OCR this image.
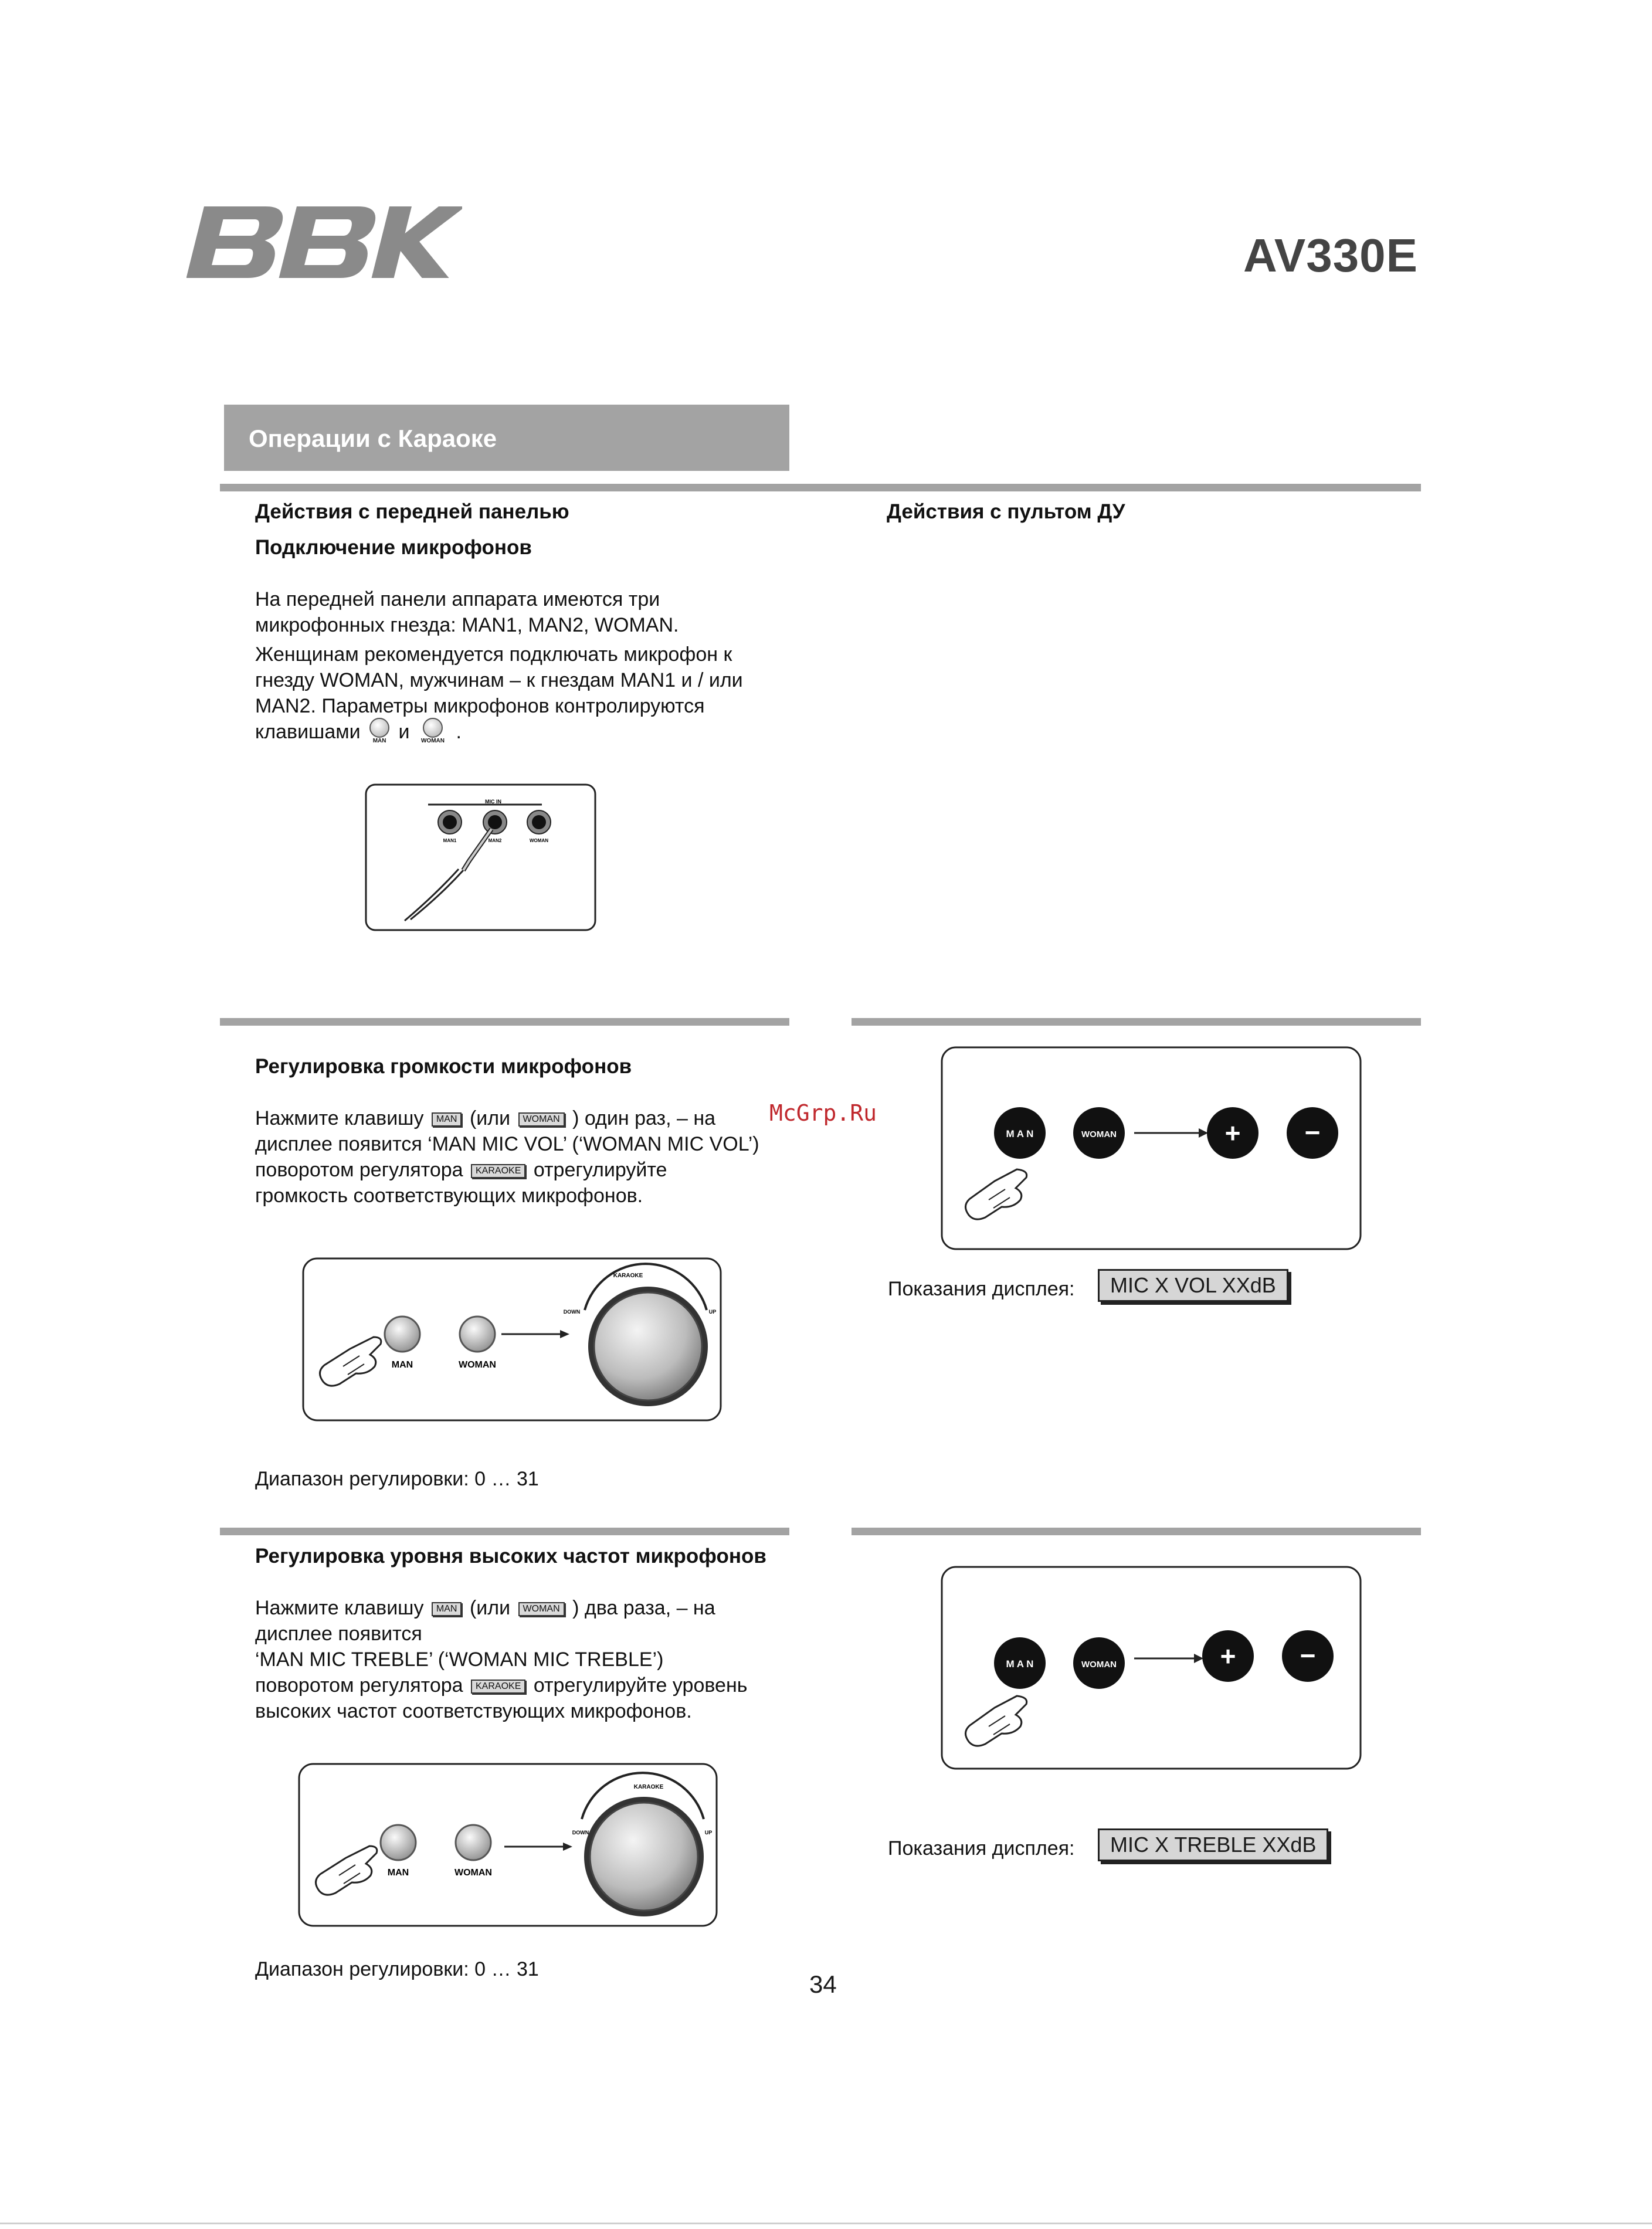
AV330E
Операции с Караоке
Действия с передней панелью	Действия с пультом ДУ
Подключение микрофонов
На передней панели аппарата имеются три
микрофонных гнезда: MAN1, MAN2, WOMAN.
Женщинам рекомендуется подключать микрофон к
гнезду WOMAN, мужчинам – к гнездам MAN1 и / или
MAN2. Параметры микрофонов контролируются
клавишами	MAN и	WOMAN .
MIC IN
MAN1	MAN2	WOMAN
Регулировка громкости микрофонов
Нажмите клавишу MAN (или WOMAN ) один раз, – на
дисплее появится ‘MAN MIC VOL’ (‘WOMAN MIC VOL’)
поворотом регулятора KARAOKE отрегулируйте
громкость соответствующих микрофонов.
McGrp.Ru
M A N	WOMAN	+ −
Показания дисплея:	MIC X VOL XXdB
MAN	WOMAN
KARAOKE
DOWN	UP
Диапазон регулировки: 0 … 31
Регулировка уровня высоких частот микрофонов
Нажмите клавишу MAN (или WOMAN ) два раза, – на
дисплее появится
‘MAN MIC TREBLE’ (‘WOMAN MIC TREBLE’)
поворотом регулятора KARAOKE отрегулируйте уровень
высоких частот соответствующих микрофонов.
M A N	WOMAN	+ −
Показания дисплея:	MIC X TREBLE XXdB
MAN	WOMAN
KARAOKE
DOWN	UP
Диапазон регулировки: 0 … 31
34
